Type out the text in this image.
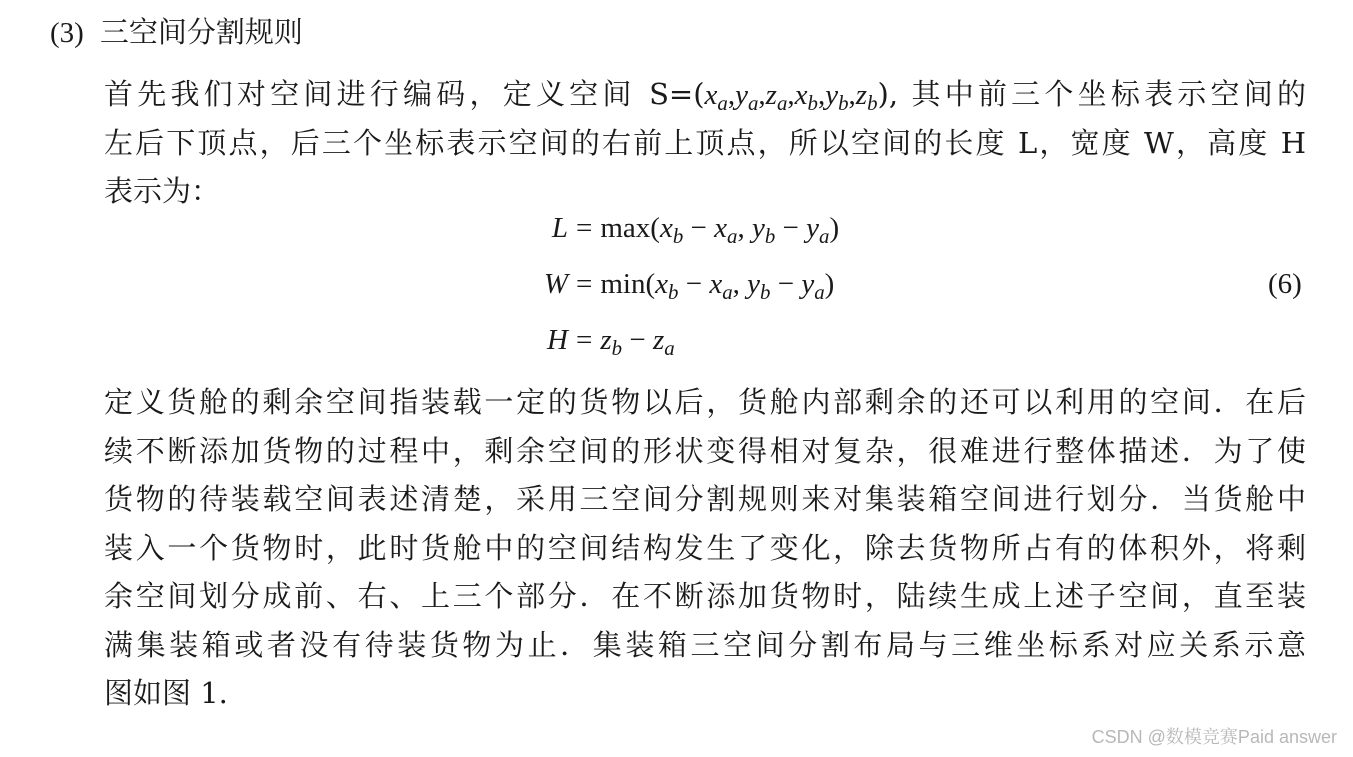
(3) 三空间分割规则
首先我们对空间进行编码，定义空间 $S=(x_a,y_a,z_a,x_b,y_b,z_b)$, 其中前三个坐标表示空间的
左后下顶点，后三个坐标表示空间的右前上顶点，所以空间的长度 L，宽度 W，高度 H
表示为：
$L = \max(x_b - x_a$, $y_b - y_a$)
$W = \min(x_b - x_a$, $y_b - y_a$)
$H = z_b - z_a$
(6)
定义货舱的剩余空间指装载一定的货物以后，货舱内部剩余的还可以利用的空间．在后
续不断添加货物的过程中，剩余空间的形状变得相对复杂，很难进行整体描述．为了使
货物的待装载空间表述清楚，采用三空间分割规则来对集装箱空间进行划分．当货舱中
装入一个货物时，此时货舱中的空间结构发生了变化，除去货物所占有的体积外，将剩
余空间划分成前、右、上三个部分．在不断添加货物时，陆续生成上述子空间，直至装
满集装箱或者没有待装货物为止．集装箱三空间分割布局与三维坐标系对应关系示意
图如图 1.
CSDN @数模竞赛Paid answer
